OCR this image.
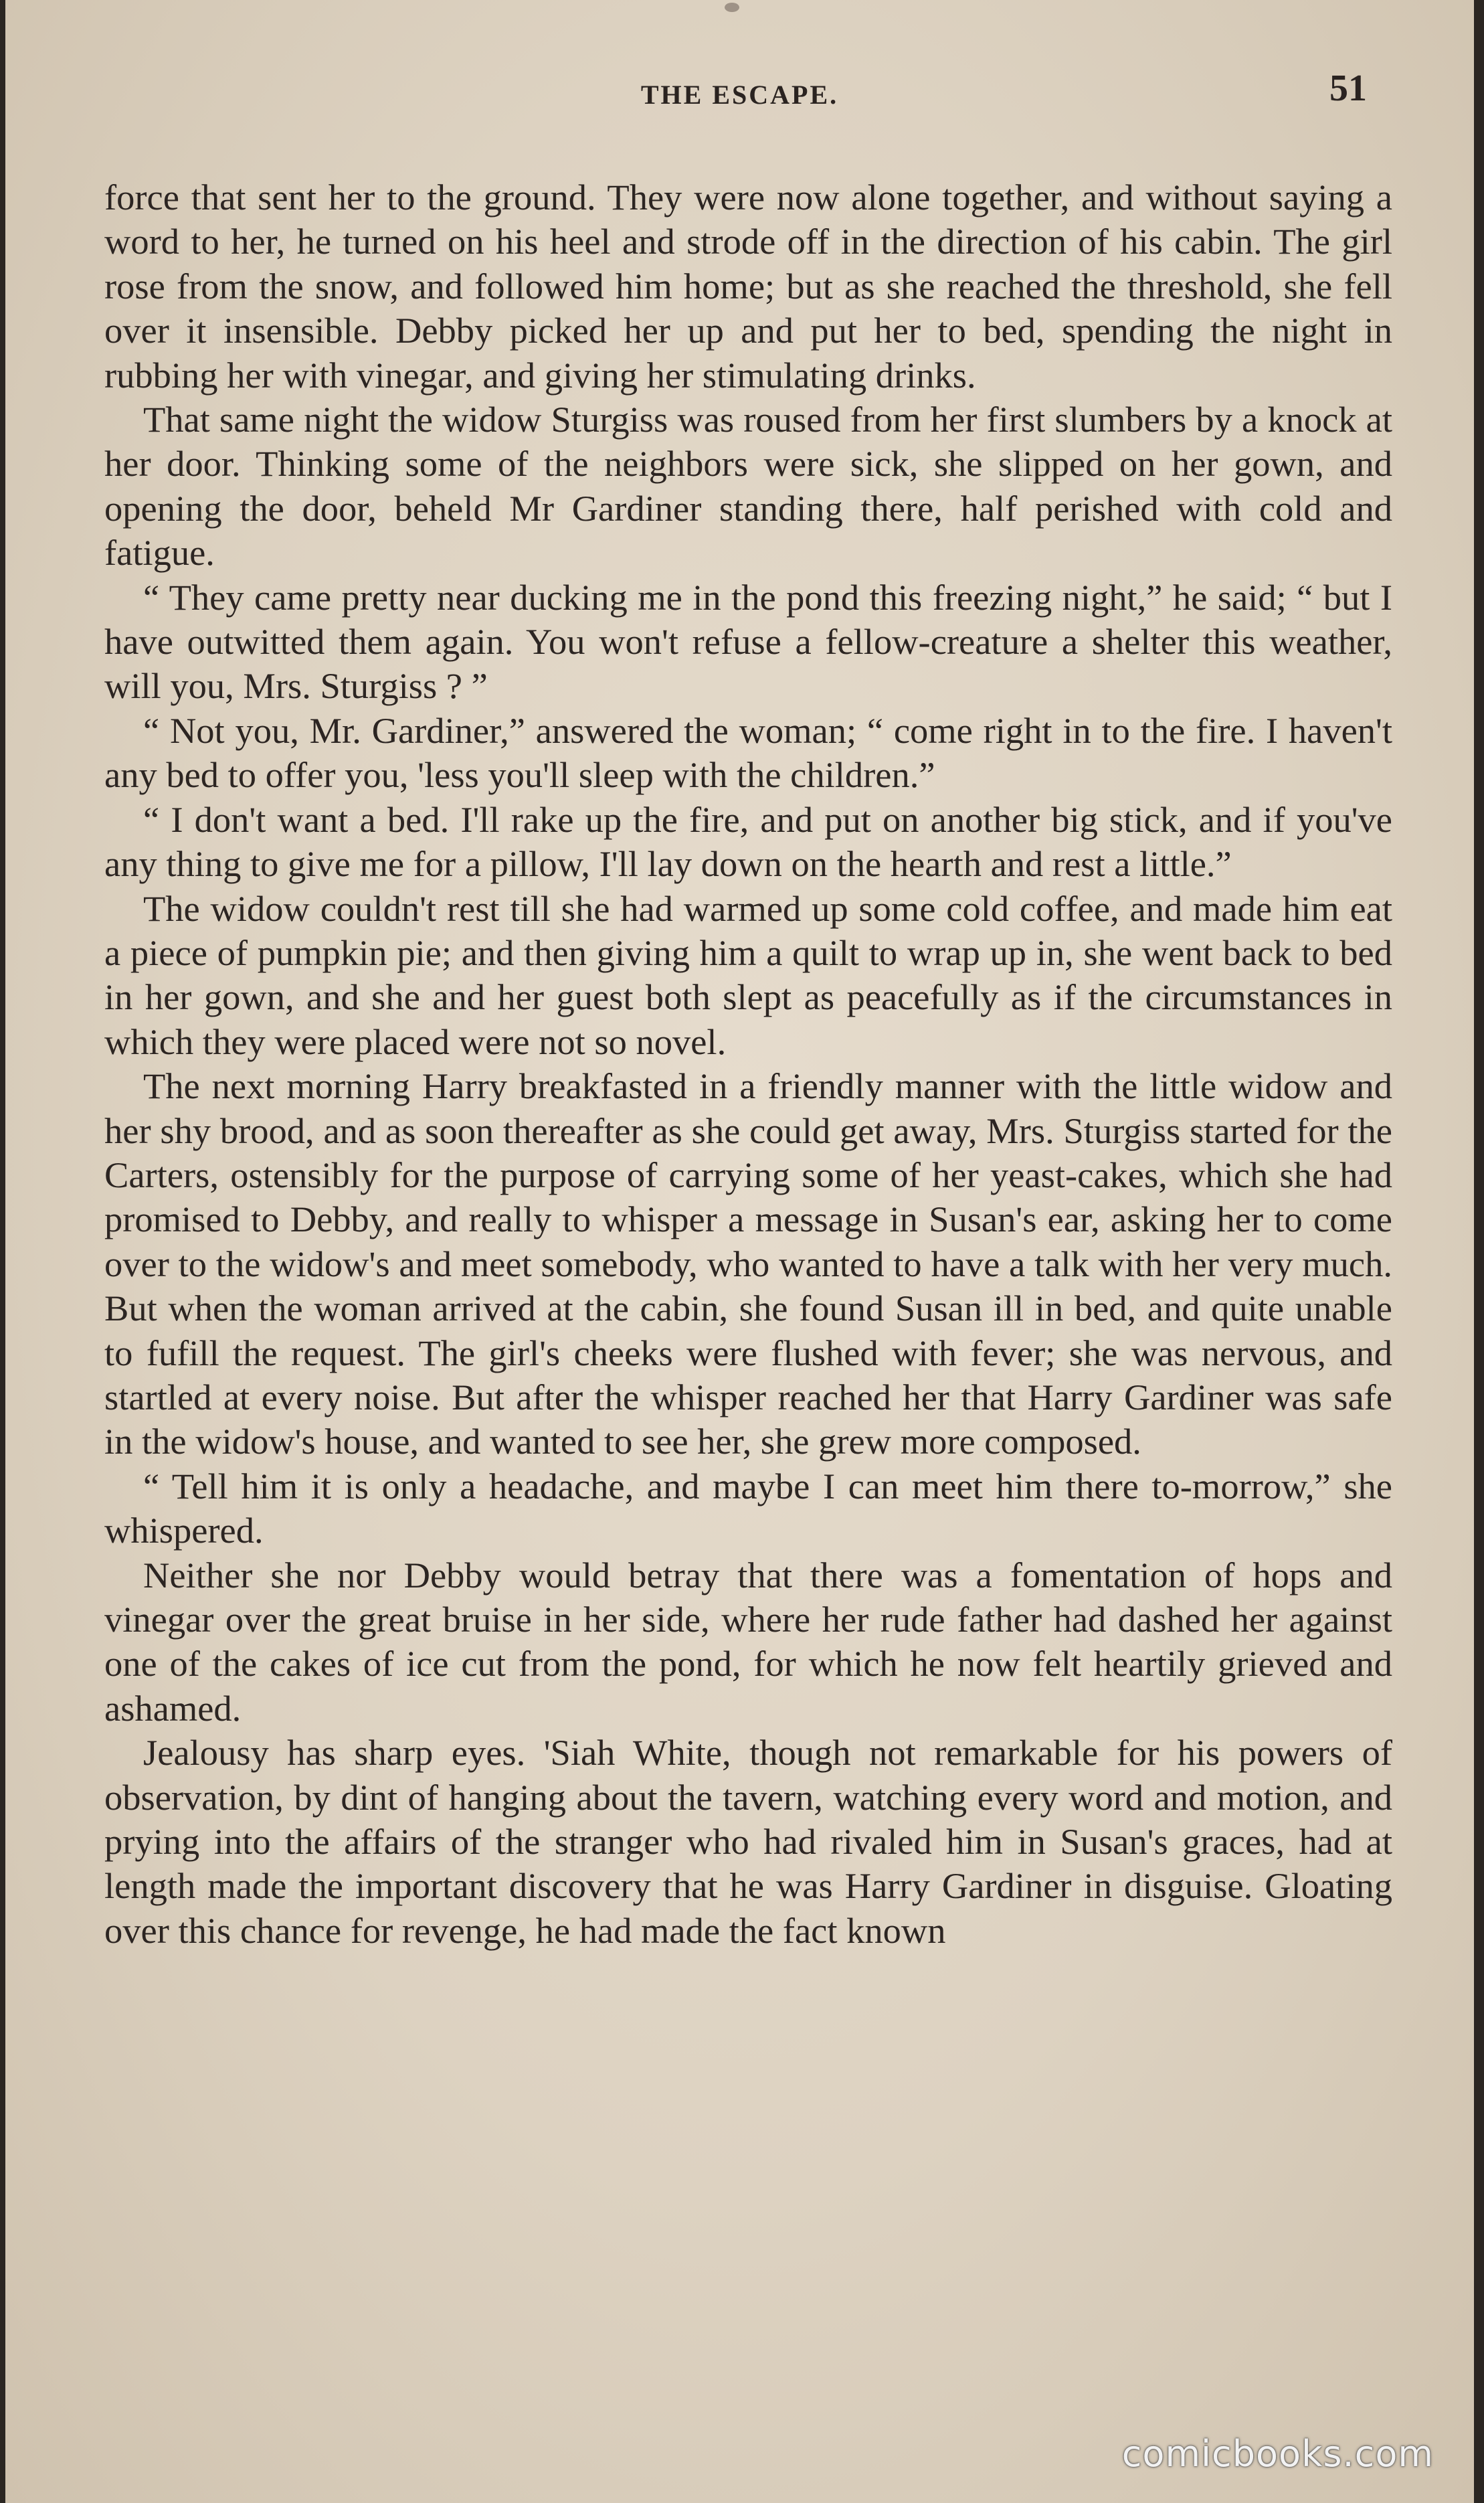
THE ESCAPE.	51

force that sent her to the ground. They were now alone together, and without saying a word to her, he turned on his heel and strode off in the direction of his cabin. The girl rose from the snow, and followed him home; but as she reached the threshold, she fell over it insensible. Debby picked her up and put her to bed, spending the night in rubbing her with vinegar, and giving her stimulating drinks.

That same night the widow Sturgiss was roused from her first slumbers by a knock at her door. Thinking some of the neighbors were sick, she slipped on her gown, and opening the door, beheld Mr Gardiner standing there, half perished with cold and fatigue.

“ They came pretty near ducking me in the pond this freezing night,” he said; “ but I have outwitted them again. You won't refuse a fellow-creature a shelter this weather, will you, Mrs. Sturgiss ? ”

“ Not you, Mr. Gardiner,” answered the woman; “ come right in to the fire. I haven't any bed to offer you, 'less you'll sleep with the children.”

“ I don't want a bed. I'll rake up the fire, and put on another big stick, and if you've any thing to give me for a pillow, I'll lay down on the hearth and rest a little.”

The widow couldn't rest till she had warmed up some cold coffee, and made him eat a piece of pumpkin pie; and then giving him a quilt to wrap up in, she went back to bed in her gown, and she and her guest both slept as peacefully as if the circumstances in which they were placed were not so novel.

The next morning Harry breakfasted in a friendly manner with the little widow and her shy brood, and as soon thereafter as she could get away, Mrs. Sturgiss started for the Carters, ostensibly for the purpose of carrying some of her yeast-cakes, which she had promised to Debby, and really to whisper a message in Susan's ear, asking her to come over to the widow's and meet somebody, who wanted to have a talk with her very much. But when the woman arrived at the cabin, she found Susan ill in bed, and quite unable to fufill the request. The girl's cheeks were flushed with fever; she was nervous, and startled at every noise. But after the whisper reached her that Harry Gardiner was safe in the widow's house, and wanted to see her, she grew more composed.

“ Tell him it is only a headache, and maybe I can meet him there to-morrow,” she whispered.

Neither she nor Debby would betray that there was a fomentation of hops and vinegar over the great bruise in her side, where her rude father had dashed her against one of the cakes of ice cut from the pond, for which he now felt heartily grieved and ashamed.

Jealousy has sharp eyes. 'Siah White, though not remarkable for his powers of observation, by dint of hanging about the tavern, watching every word and motion, and prying into the affairs of the stranger who had rivaled him in Susan's graces, had at length made the important discovery that he was Harry Gardiner in disguise. Gloating over this chance for revenge, he had made the fact known

comicbooks.com
